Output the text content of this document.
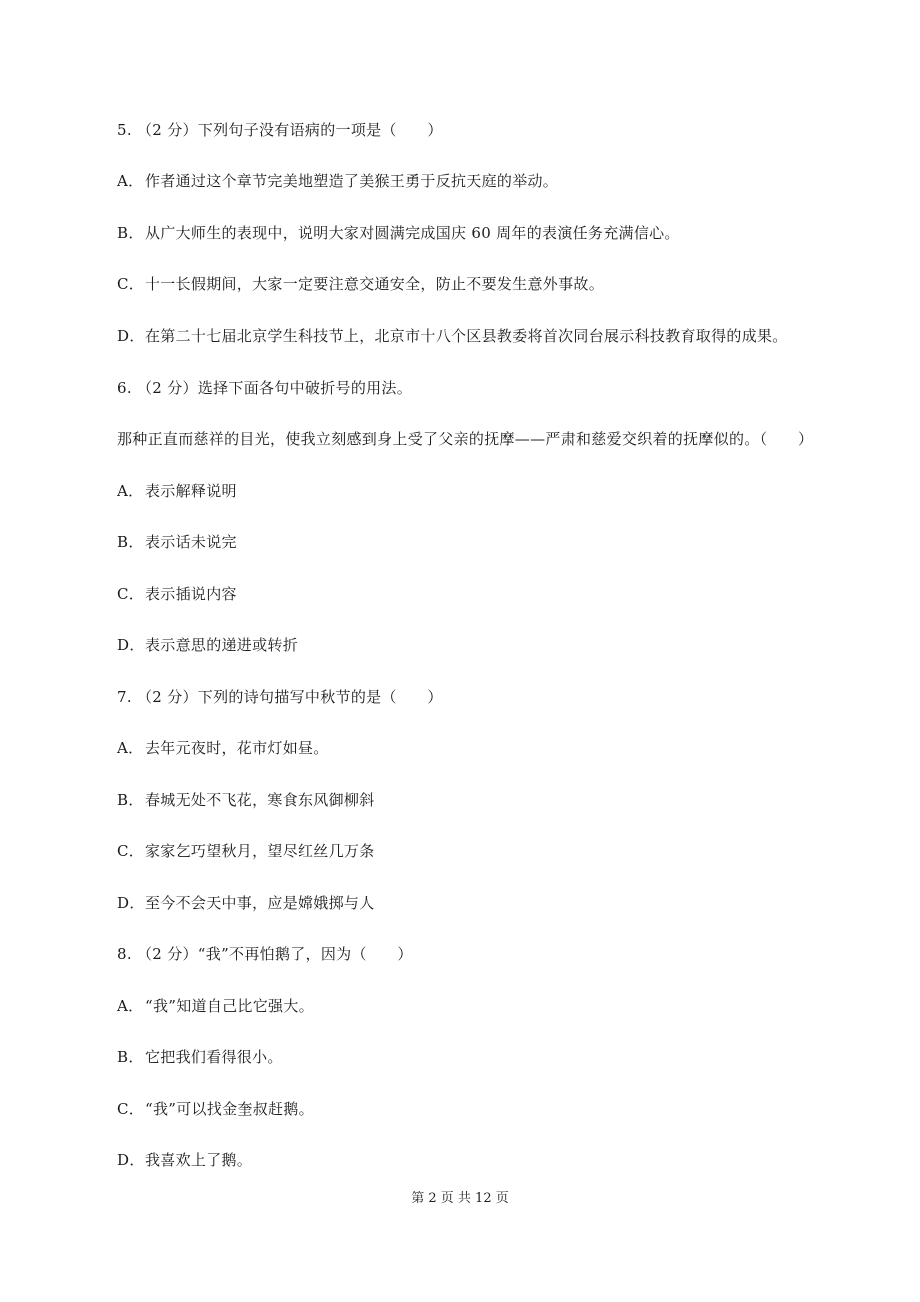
5. （2 分）下列句子没有语病的一项是（　　）
A． 作者通过这个章节完美地塑造了美猴王勇于反抗天庭的举动。
B．从广大师生的表现中，说明大家对圆满完成国庆 60 周年的表演任务充满信心。
C．十一长假期间，大家一定要注意交通安全，防止不要发生意外事故。
D．在第二十七届北京学生科技节上，北京市十八个区县教委将首次同台展示科技教育取得的成果。
6. （2 分）选择下面各句中破折号的用法。
那种正直而慈祥的目光，使我立刻感到身上受了父亲的抚摩——严肃和慈爱交织着的抚摩似的。（　　）
A． 表示解释说明
B．表示话未说完
C．表示插说内容
D．表示意思的递进或转折
7. （2 分）下列的诗句描写中秋节的是（　　）
A． 去年元夜时，花市灯如昼。
B．春城无处不飞花，寒食东风御柳斜
C．家家乞巧望秋月，望尽红丝几万条
D．至今不会天中事，应是嫦娥掷与人
8. （2 分）“我”不再怕鹅了，因为（　　）
A． “我”知道自己比它强大。
B．它把我们看得很小。
C．“我”可以找金奎叔赶鹅。
D．我喜欢上了鹅。
第 2 页 共 12 页
